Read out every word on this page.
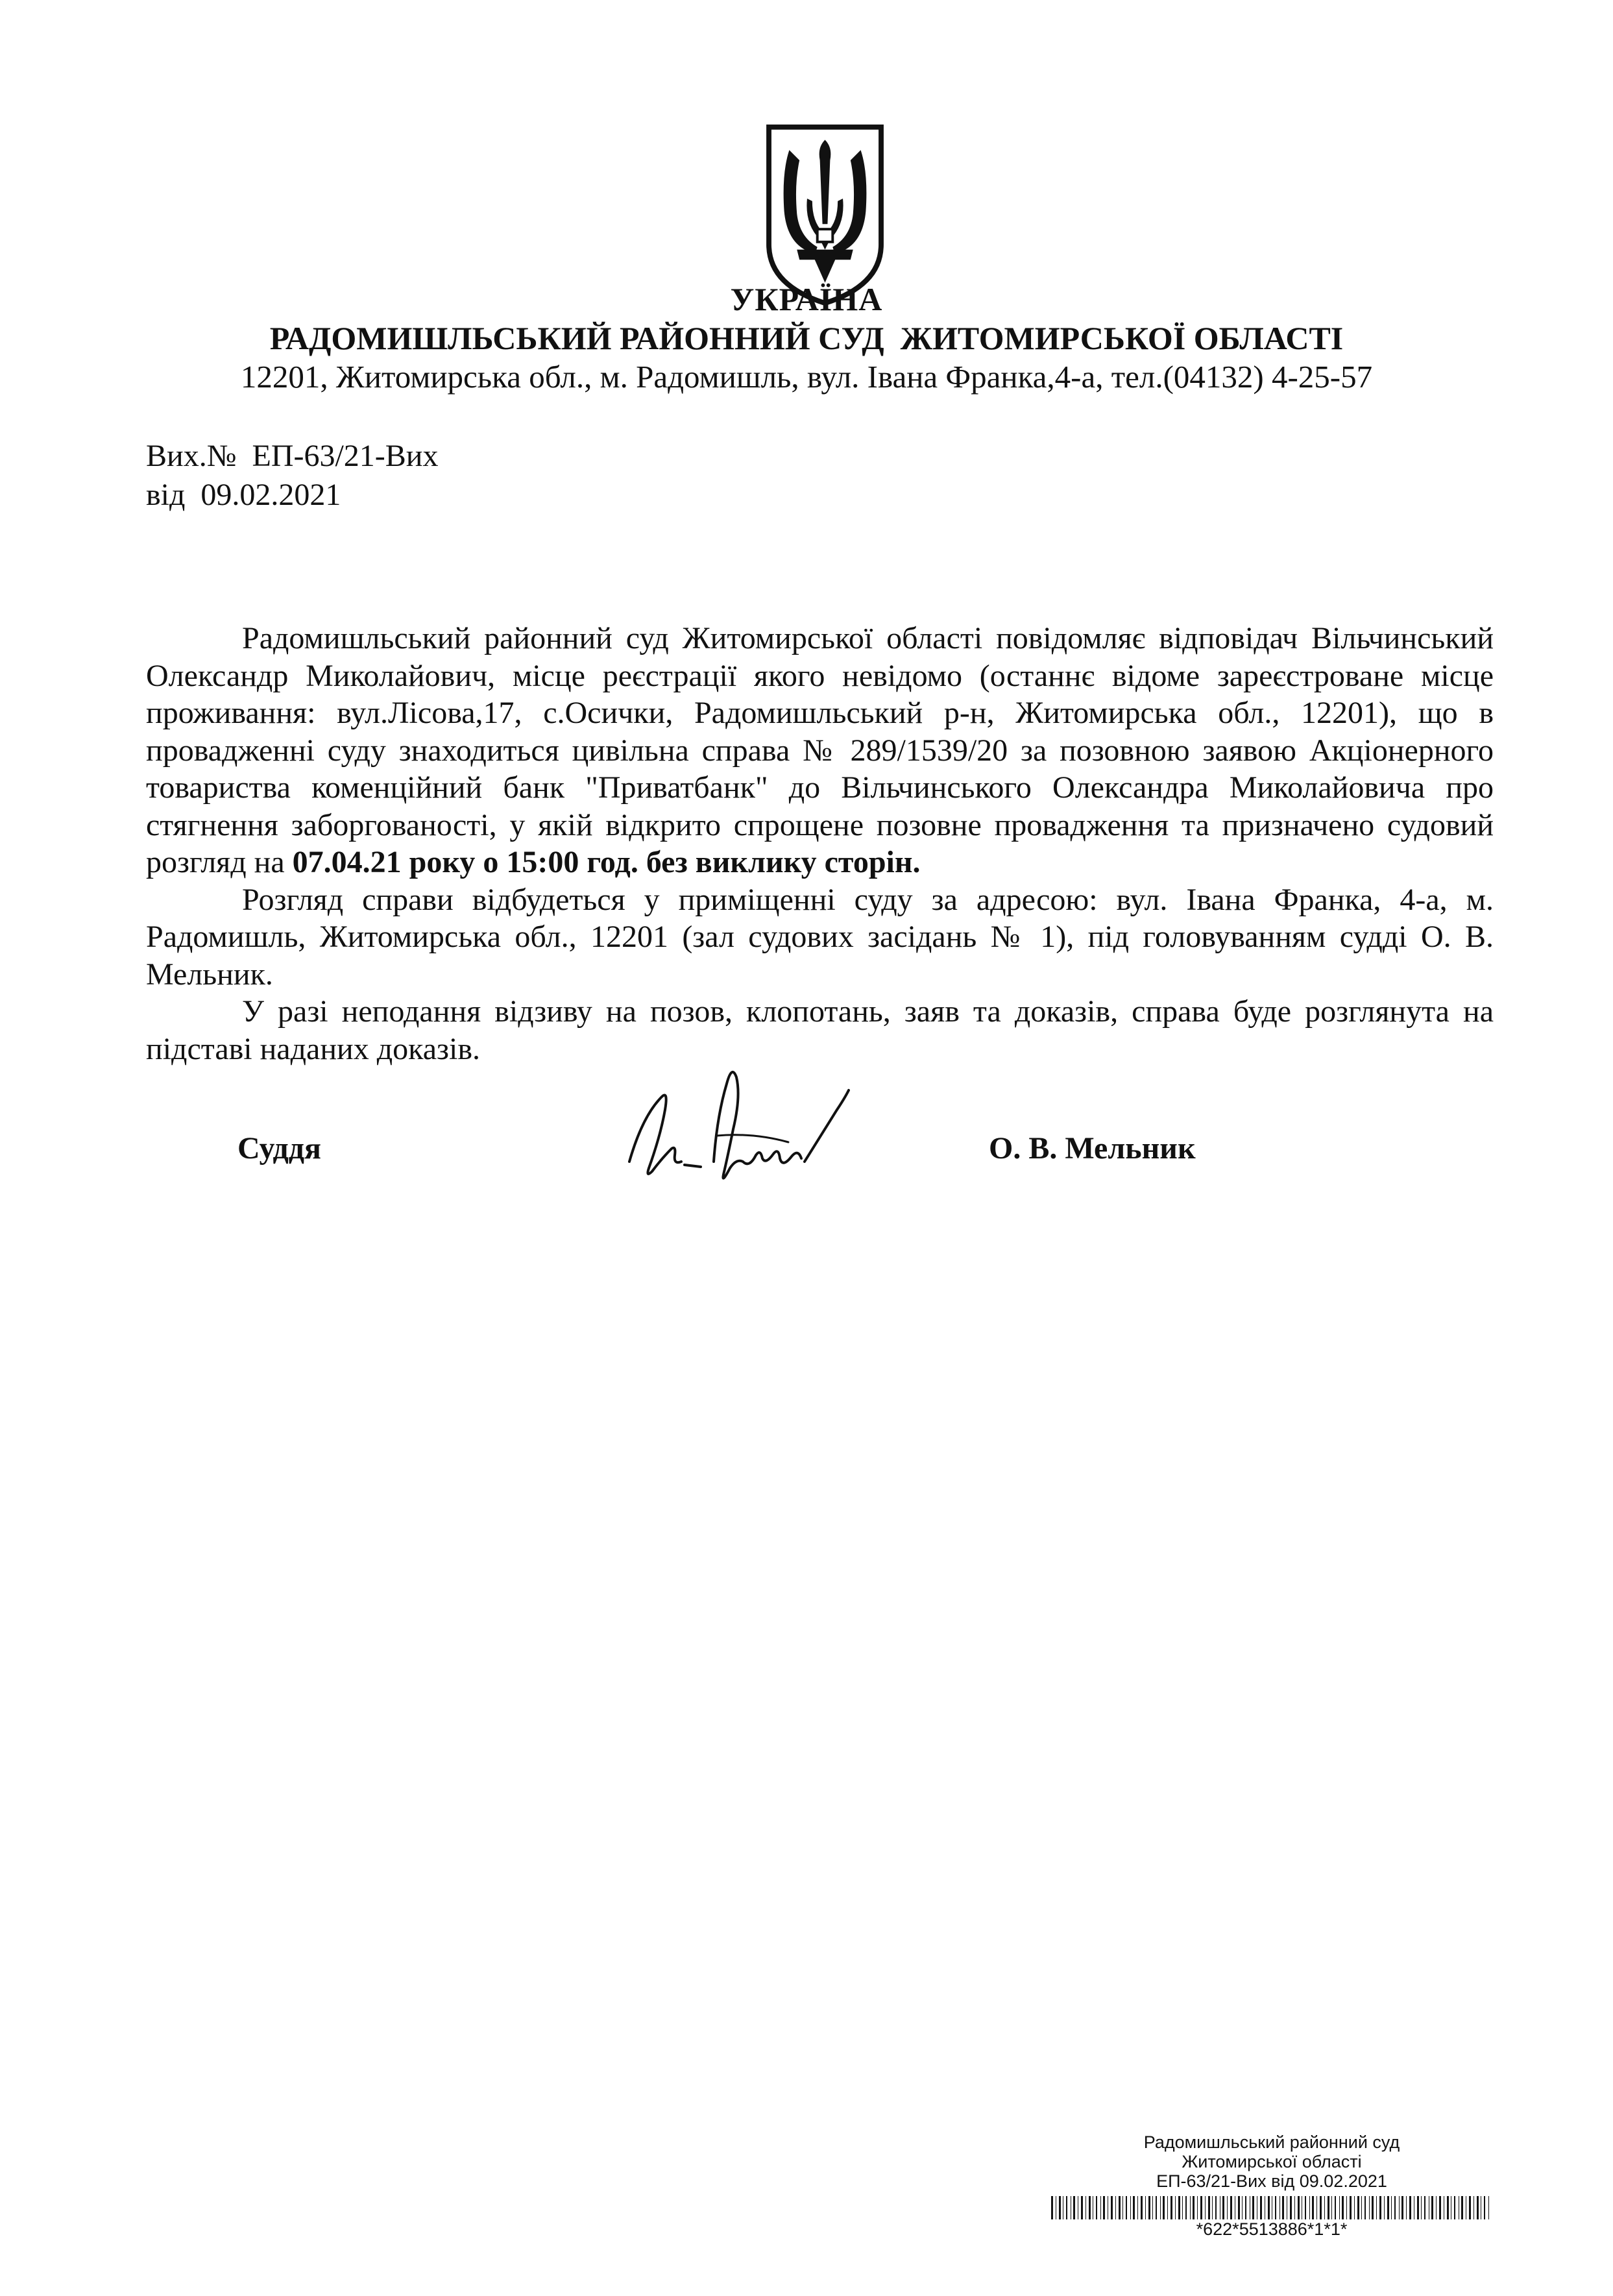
УКРАЇНА
РАДОМИШЛЬСЬКИЙ РАЙОННИЙ СУД  ЖИТОМИРСЬКОЇ ОБЛАСТІ
12201, Житомирська обл., м. Радомишль, вул. Івана Франка,4-а, тел.(04132) 4-25-57
Вих.№  ЕП-63/21-Вих
від  09.02.2021

Радомишльський районний суд Житомирської області повідомляє відповідач Вільчинський Олександр Миколайович, місце реєстрації якого невідомо (останнє відоме зареєстроване місце проживання: вул.Лісова,17, с.Осички, Радомишльський р-н, Житомирська обл., 12201), що в провадженні суду знаходиться цивільна справа № 289/1539/20 за позовною заявою Акціонерного товариства коменційний банк "Приватбанк" до Вільчинського Олександра Миколайовича про стягнення заборгованості, у якій відкрито спрощене позовне провадження та призначено судовий розгляд на 07.04.21 року о 15:00 год. без виклику сторін.

Розгляд справи відбудеться у приміщенні суду за адресою: вул. Івана Франка, 4-а, м. Радомишль, Житомирська обл., 12201 (зал судових засідань № 1), під головуванням судді О. В. Мельник.

У разі неподання відзиву на позов, клопотань, заяв та доказів, справа буде розглянута на підставі наданих доказів.

Суддя	О. В. Мельник
Радомишльський районний суд
Житомирської області
ЕП-63/21-Вих від 09.02.2021
*622*5513886*1*1*
